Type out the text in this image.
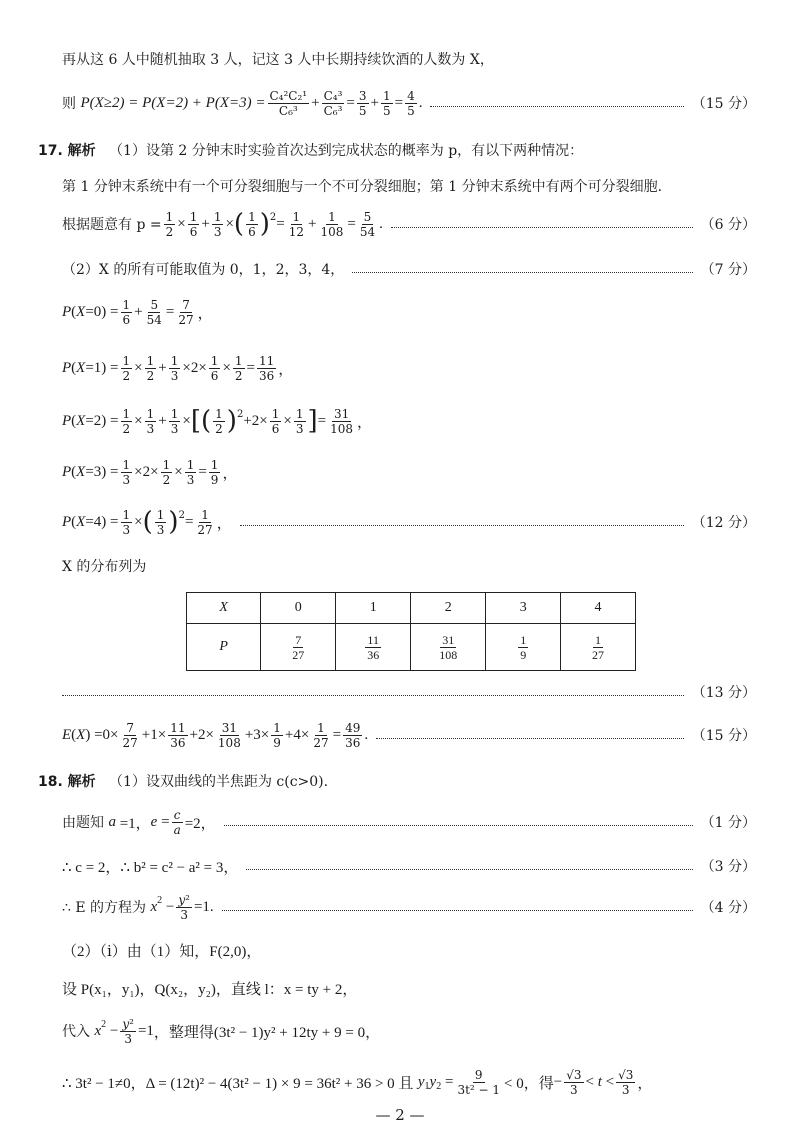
再从这 6 人中随机抽取 3 人，记这 3 人中长期持续饮酒的人数为 X，
则
$P(X\ge 2) = P(X=2) + P(X=3) = \frac{\text{C₄²C₂¹}}{\text{C₆³}} + \frac{\text{C₄³}}{\text{C₆³}} = \frac{3}{5} + \frac{1}{5} = \frac{4}{5}$ .	（15 分）
17. 解析
（1）设第 2 分钟末时实验首次达到完成状态的概率为 p，有以下两种情况：
第 1 分钟末系统中有一个可分裂细胞与一个不可分裂细胞；第 1 分钟末系统中有两个可分裂细胞.
根据题意有 $p = \frac{1}{2} \times \frac{1}{6} + \frac{1}{3}$ × ( $\frac{1}{6}$ ) $2 = \frac{1}{12} + \frac{1}{108} = \frac{5}{54}$ .	（6 分）
（2）X 的所有可能取值为 0，1，2，3，4，	（7 分）
P ( $X =0) = \frac{1}{6} + \frac{5}{54} = \frac{7}{27}$ ，
P ( $X =1) = \frac{1}{2} \times \frac{1}{2} + \frac{1}{3} \times 2\times \frac{1}{6} \times \frac{1}{2} = \frac{11}{36}$ ，
P ( $X =2) = \frac{1}{2} \times \frac{1}{3} + \frac{1}{3}$ × [ ( $\frac{1}{2}$ ) $2 +2\times \frac{1}{6} \times \frac{1}{3}$ ] = $\frac{31}{108}$ ，
P ( $X =3) = \frac{1}{3} \times 2\times \frac{1}{2} \times \frac{1}{3} = \frac{1}{9}$ ，
P ( $X =4) = \frac{1}{3}$ × ( $\frac{1}{3}$ ) $2 = \frac{1}{27}$ ，	（12 分）
X 的分布列为
X	0	1	2	3	4
P	$\frac{7}{27}$	$\frac{11}{36}$	$\frac{31}{108}$	$\frac{1}{9}$	$\frac{1}{27}$
（13 分）
E ( X ) $=0\times \frac{7}{27} +1\times \frac{11}{36} +2\times \frac{31}{108} +3\times \frac{1}{9} +4\times \frac{1}{27} = \frac{49}{36}$ .	（15 分）
18. 解析
（1）设双曲线的半焦距为 c(c>0).
由题知
a =1， $e = \frac{c}{a} =2$，	（1 分）
∴ c = 2，∴ b² = c² − a² = 3，	（3 分）
∴ E 的方程为
x $2 - \frac{\text{y²}}{3} =1$.	（4 分）
（2）（ⅰ）由（1）知，F(2,0)，
设 P(x₁，y₁)，Q(x₂，y₂)，直线 l：x = ty + 2，
代入
x $2 - \frac{\text{y²}}{3} =1$ ，整理得(3t² − 1)y² + 12ty + 9 = 0，
∴ 3t² − 1≠0，Δ = (12t)² − 4(3t² − 1) × 9 = 36t² + 36 > 0 且
y 1 y $2 = \frac{9}{\text{3t² − 1}} < 0$，得 − $\frac{√3}{3} < t < \frac{√3}{3}$ ，
— 2 —
